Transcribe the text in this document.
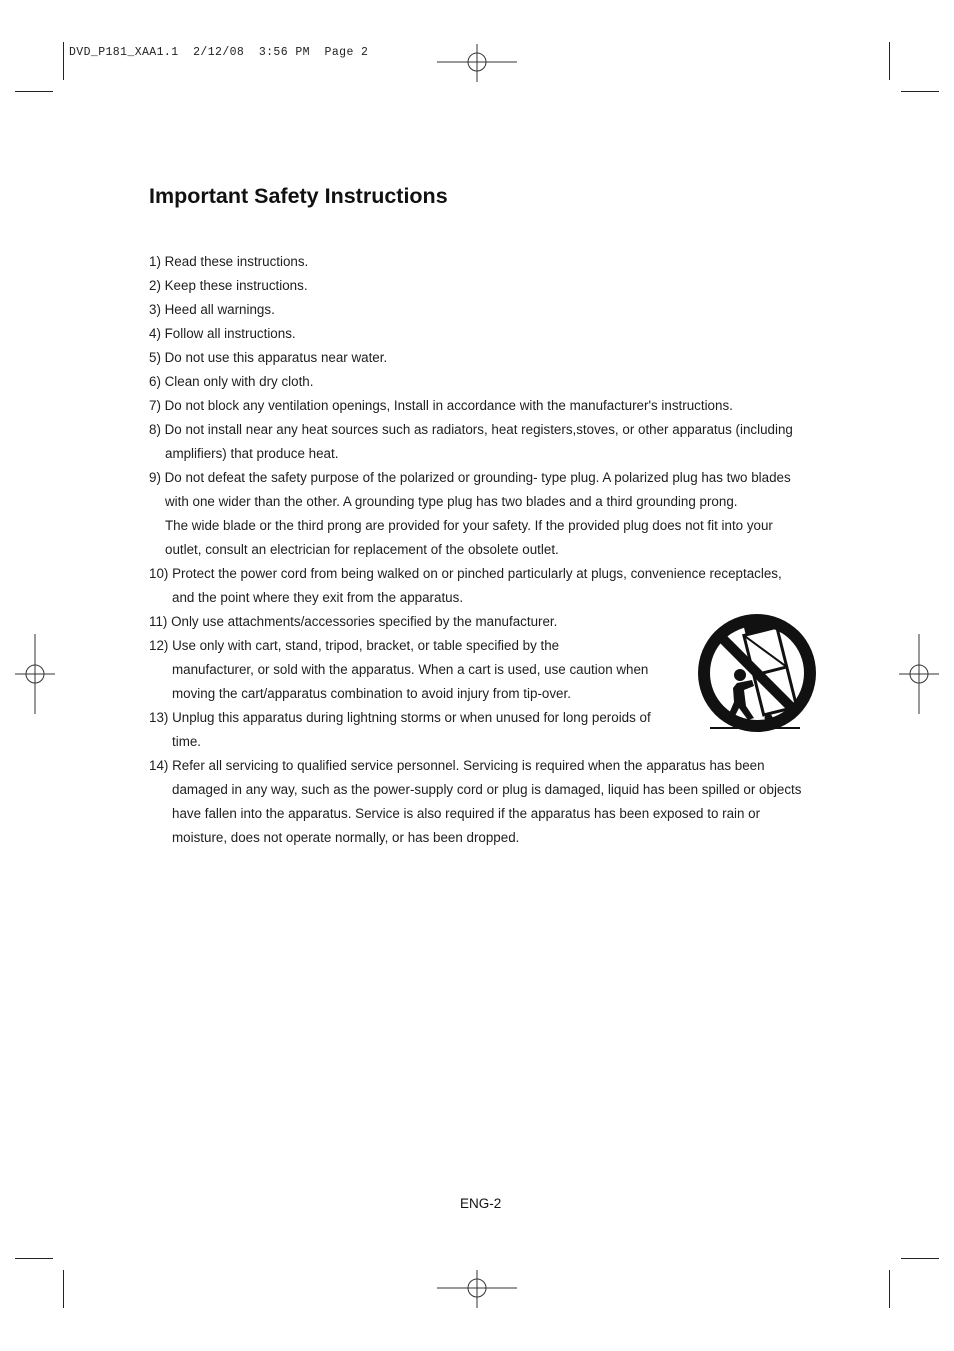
DVD_P181_XAA1.1  2/12/08  3:56 PM  Page 2
Important Safety Instructions
1) Read these instructions.
2) Keep these instructions.
3) Heed all warnings.
4) Follow all instructions.
5) Do not use this apparatus near water.
6) Clean only with dry cloth.
7) Do not block any ventilation openings, Install in accordance with the manufacturer's instructions.
8) Do not install near any heat sources such as radiators, heat registers,stoves, or other apparatus (including
amplifiers) that produce heat.
9) Do not defeat the safety purpose of the polarized or grounding- type plug. A polarized plug has two blades
with one wider than the other. A grounding type plug has two blades and a third grounding prong.
The wide blade or the third prong are provided for your safety. If the provided plug does not fit into your
outlet, consult an electrician for replacement of the obsolete outlet.
10) Protect the power cord from being walked on or pinched particularly at plugs, convenience receptacles,
and the point where they exit from the apparatus.
11) Only use attachments/accessories specified by the manufacturer.
12) Use only with cart, stand, tripod, bracket, or table specified by the
manufacturer, or sold with the apparatus. When a cart is used, use caution when
moving the cart/apparatus combination to avoid injury from tip-over.
13) Unplug this apparatus during lightning storms or when unused for long peroids of
time.
14) Refer all servicing to qualified service personnel. Servicing is required when the apparatus has been
damaged in any way, such as the power-supply cord or plug is damaged, liquid has been spilled or objects
have fallen into the apparatus. Service is also required if the apparatus has been exposed to rain or
moisture, does not operate normally, or has been dropped.
ENG-2
